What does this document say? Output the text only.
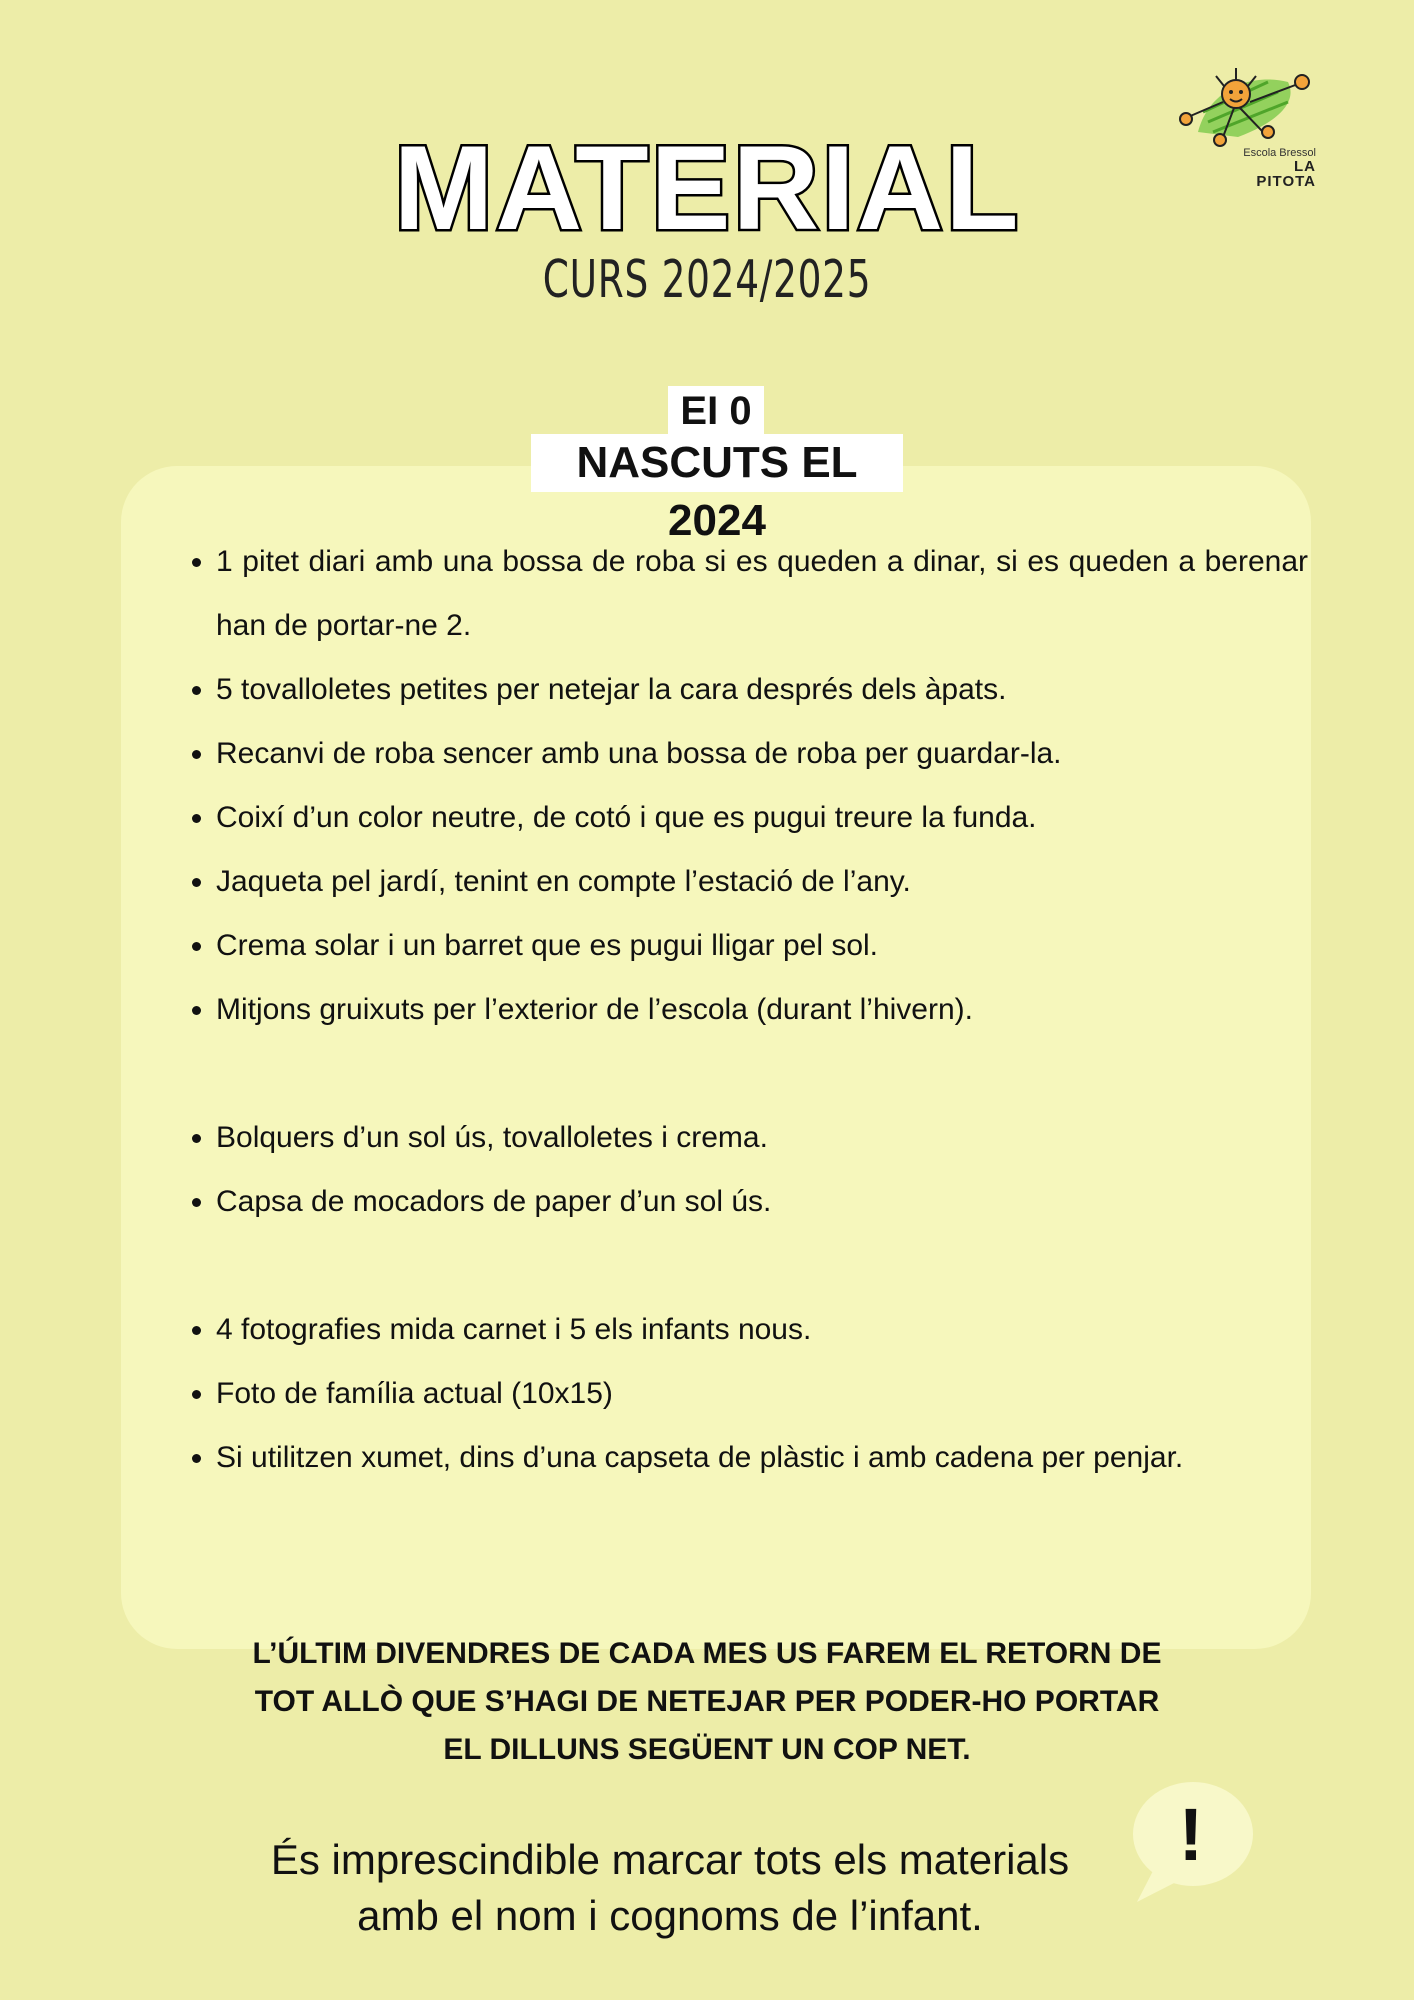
Escola Bressol
LA PITOTA
MATERIAL
CURS 2024/2025
EI 0
NASCUTS EL 2024
• 1 pitet diari amb una bossa de roba si es queden a dinar, si es queden a berenar han de portar-ne 2.
• 5 tovalloletes petites per netejar la cara després dels àpats.
• Recanvi de roba sencer amb una bossa de roba per guardar-la.
• Coixí d’un color neutre, de cotó i que es pugui treure la funda.
• Jaqueta pel jardí, tenint en compte l’estació de l’any.
• Crema solar i un barret que es pugui lligar pel sol.
• Mitjons gruixuts per l’exterior de l’escola (durant l’hivern).
• Bolquers d’un sol ús, tovalloletes i crema.
• Capsa de mocadors de paper d’un sol ús.
• 4 fotografies mida carnet i 5 els infants nous.
• Foto de família actual (10x15)
• Si utilitzen xumet, dins d’una capseta de plàstic i amb cadena per penjar.
L’ÚLTIM DIVENDRES DE CADA MES US FAREM EL RETORN DE
TOT ALLÒ QUE S’HAGI DE NETEJAR PER PODER-HO PORTAR
EL DILLUNS SEGÜENT UN COP NET.
És imprescindible marcar tots els materials
amb el nom i cognoms de l’infant.
!
